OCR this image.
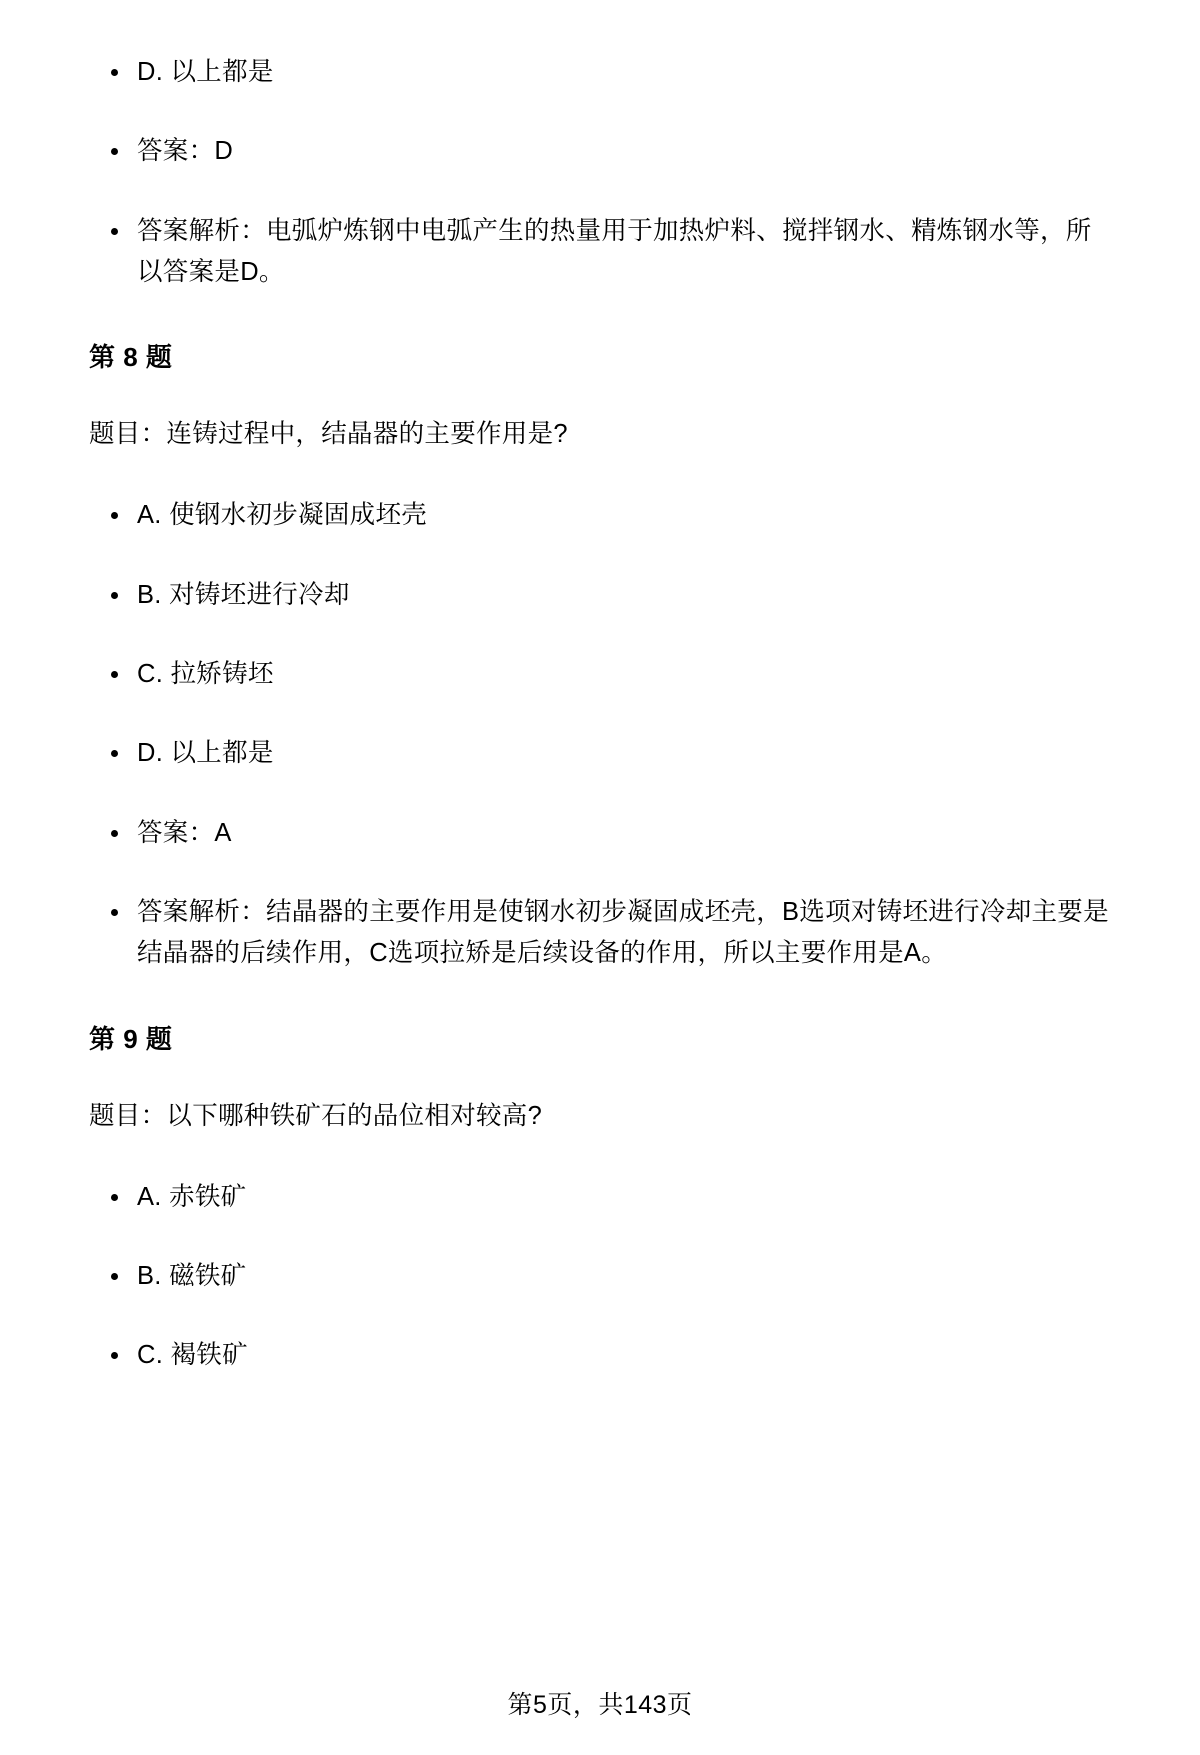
D. 以上都是
答案：D
答案解析：电弧炉炼钢中电弧产生的热量用于加热炉料、搅拌钢水、精炼钢水等，所以答案是D。
第 8 题

题目：连铸过程中，结晶器的主要作用是?

A. 使钢水初步凝固成坯壳
B. 对铸坯进行冷却
C. 拉矫铸坯
D. 以上都是
答案：A
答案解析：结晶器的主要作用是使钢水初步凝固成坯壳，B选项对铸坯进行冷却主要是结晶器的后续作用，C选项拉矫是后续设备的作用，所以主要作用是A。
第 9 题

题目：以下哪种铁矿石的品位相对较高?

A. 赤铁矿
B. 磁铁矿
C. 褐铁矿
第5页，共143页
